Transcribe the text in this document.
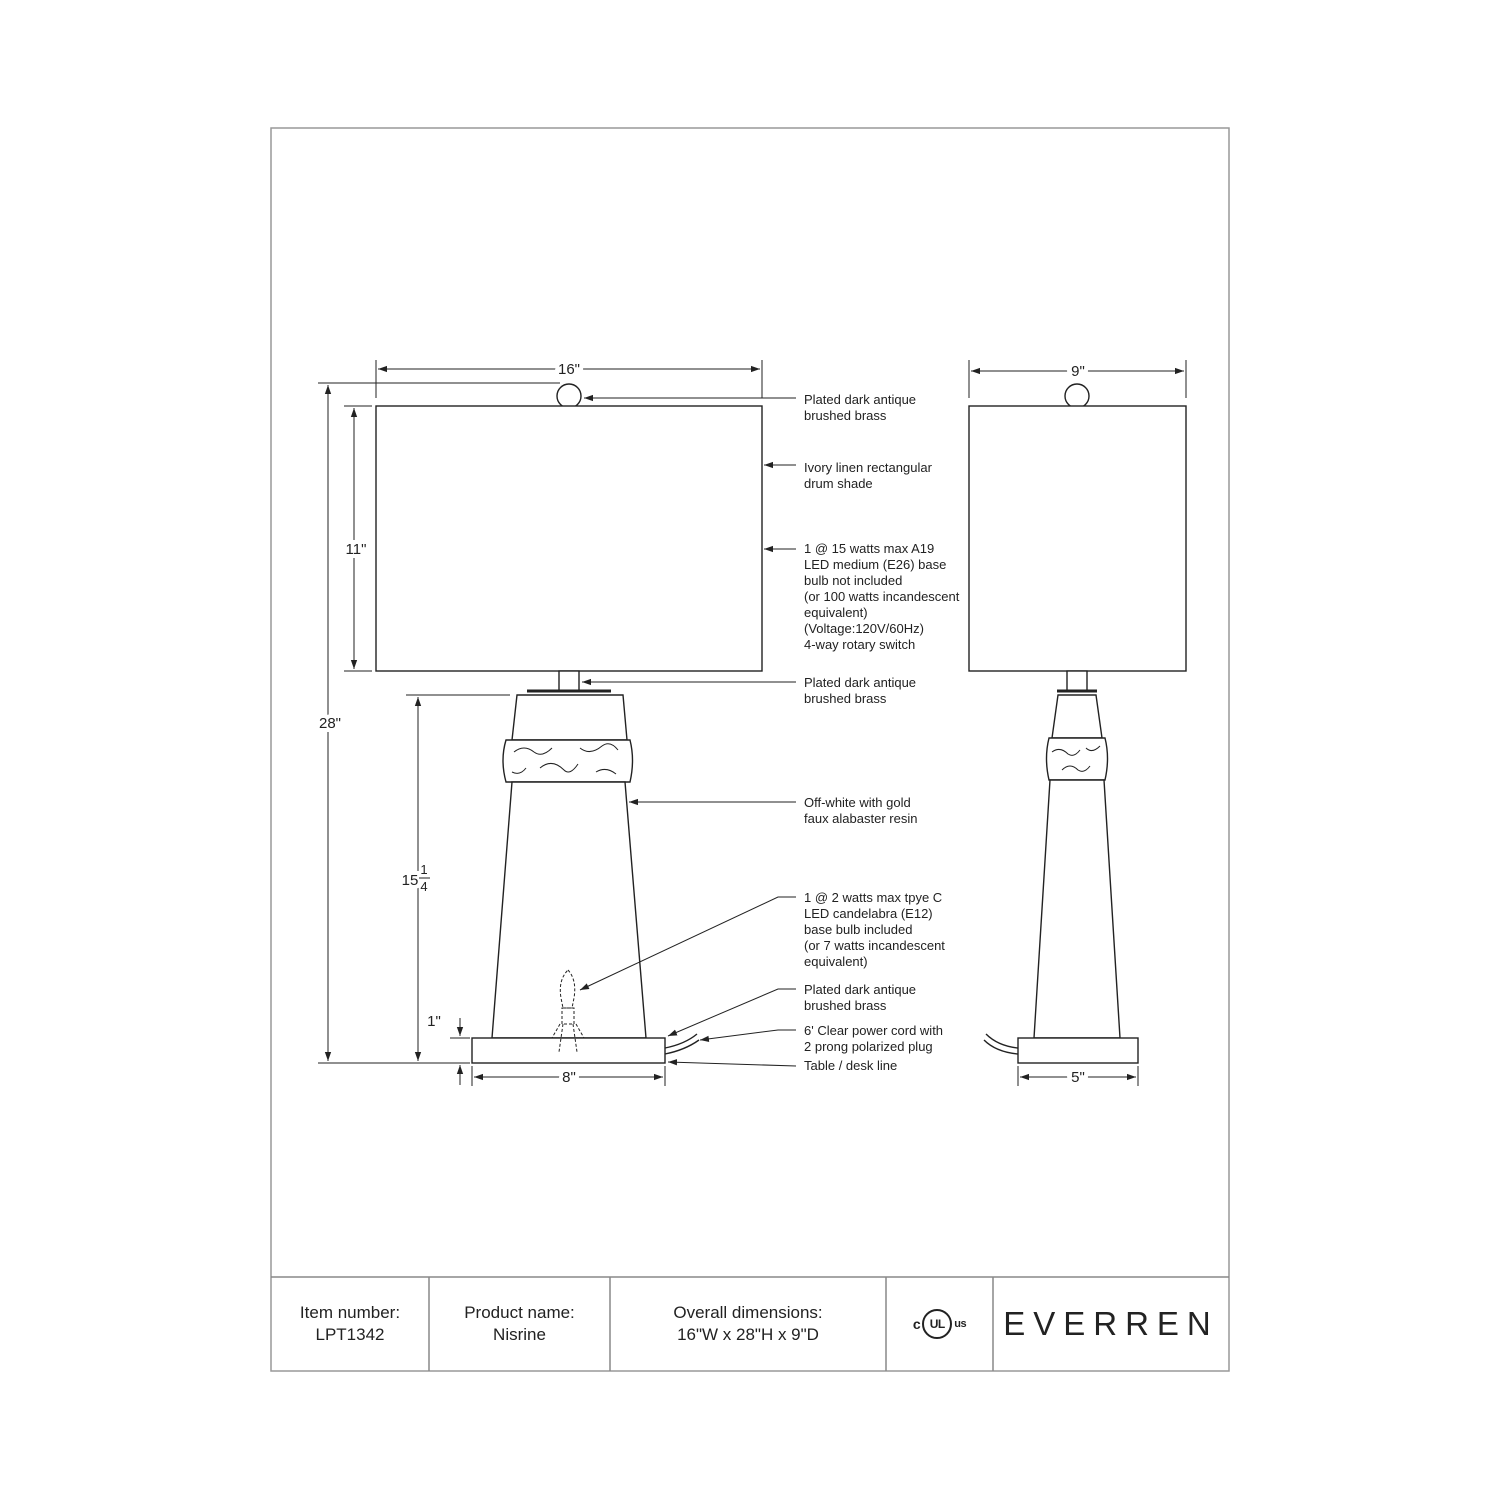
16"	9"
28"
11"
15
1
4
1"
8"	5"
Plated dark antique brushed brass
Ivory linen rectangular drum shade
1 @ 15 watts max A19 LED medium (E26) base bulb not included (or 100 watts incandescent equivalent) (Voltage:120V/60Hz) 4-way rotary switch
Plated dark antique brushed brass
Off-white with gold faux alabaster resin
1 @ 2 watts max tpye C LED candelabra (E12) base bulb included (or 7 watts incandescent equivalent)
Plated dark antique brushed brass
6' Clear power cord with 2 prong polarized plug
Table / desk line
Item number:
LPT1342
Product name:
Nisrine
Overall dimensions:
16"W x 28"H x 9"D
c UL us EVERREN
